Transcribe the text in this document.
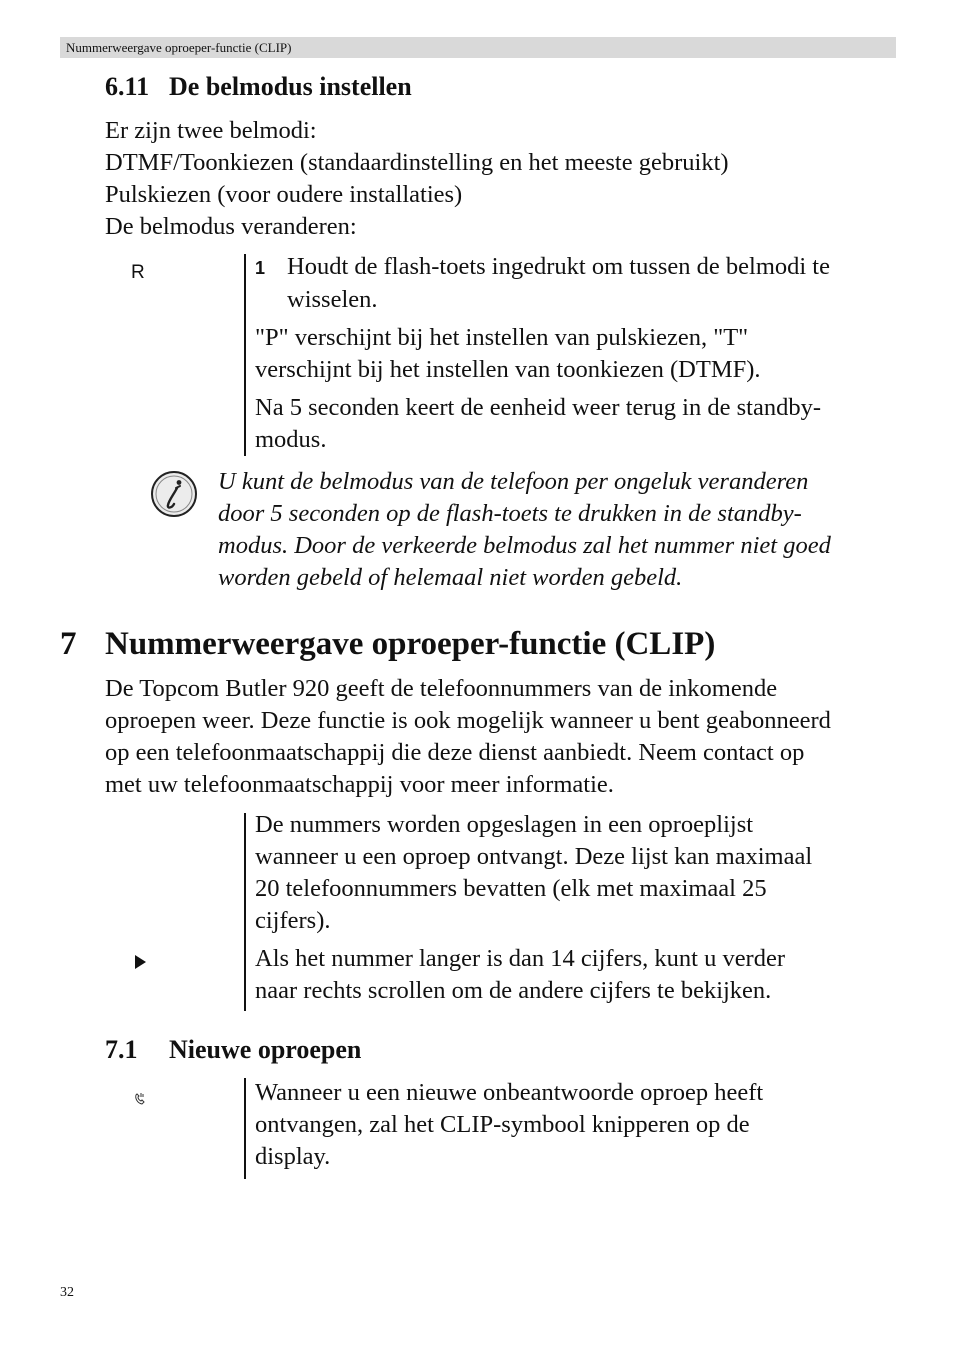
Nummerweergave oproeper-functie (CLIP)
6.11 De belmodus instellen
Er zijn twee belmodi:
DTMF/Toonkiezen (standaardinstelling en het meeste gebruikt)
Pulskiezen (voor oudere installaties)
De belmodus veranderen:
R	1 Houdt de flash-toets ingedrukt om tussen de belmodi te
wisselen.
"P" verschijnt bij het instellen van pulskiezen, "T"
verschijnt bij het instellen van toonkiezen (DTMF).
Na 5 seconden keert de eenheid weer terug in de standby-
modus.
U kunt de belmodus van de telefoon per ongeluk veranderen
door 5 seconden op de flash-toets te drukken in de standby-
modus. Door de verkeerde belmodus zal het nummer niet goed
worden gebeld of helemaal niet worden gebeld.
7 Nummerweergave oproeper-functie (CLIP)
De Topcom Butler 920 geeft de telefoonnummers van de inkomende
oproepen weer. Deze functie is ook mogelijk wanneer u bent geabonneerd
op een telefoonmaatschappij die deze dienst aanbiedt. Neem contact op
met uw telefoonmaatschappij voor meer informatie.
De nummers worden opgeslagen in een oproeplijst
wanneer u een oproep ontvangt. Deze lijst kan maximaal
20 telefoonnummers bevatten (elk met maximaal 25
cijfers).
Als het nummer langer is dan 14 cijfers, kunt u verder
naar rechts scrollen om de andere cijfers te bekijken.
7.1 Nieuwe oproepen
Wanneer u een nieuwe onbeantwoorde oproep heeft
ontvangen, zal het CLIP-symbool knipperen op de
display.
32
